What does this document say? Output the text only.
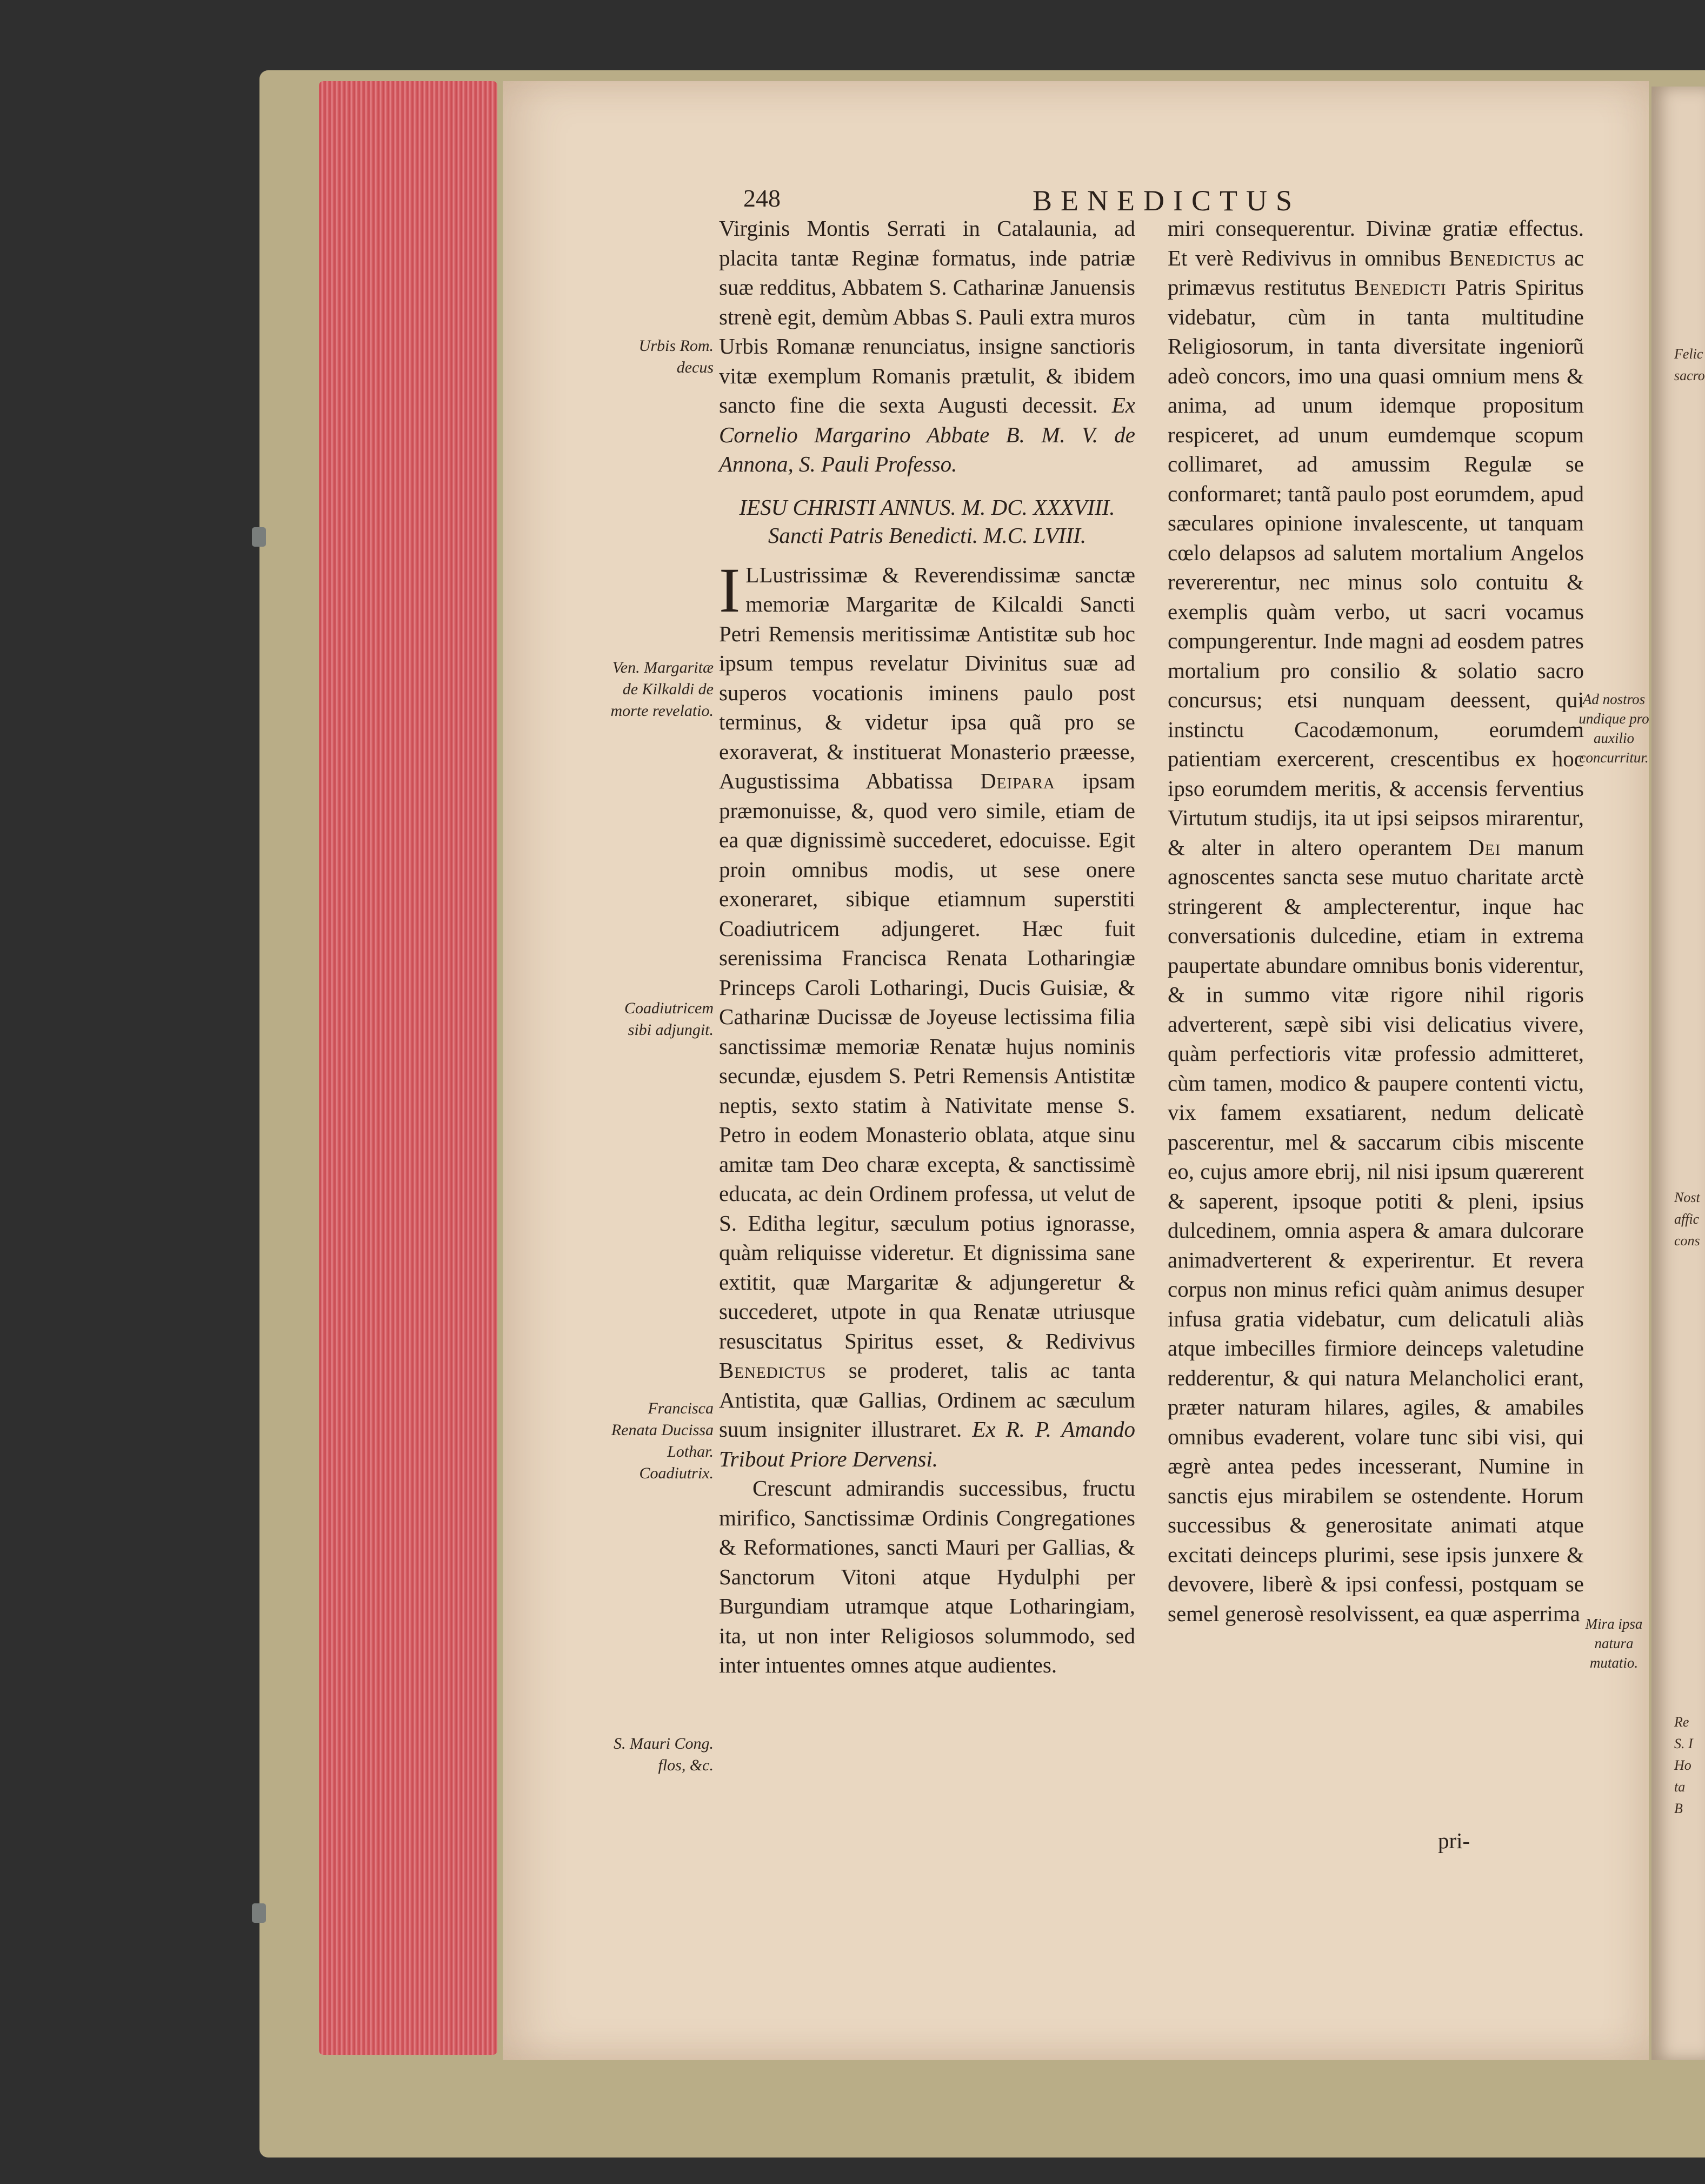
Felic
sacro
Nost
affic
cons
Re
S. I
Ho
ta
B
248	BENEDICTUS

Virginis Montis Serrati in Catalaunia, ad placita tantæ Reginæ formatus, inde patriæ suæ redditus, Abbatem S. Catharinæ Januensis strenè egit, demùm Abbas S. Pauli extra muros Urbis Romanæ renunciatus, insigne sanctioris vitæ exemplum Romanis prætulit, & ibidem sancto fine die sexta Augusti decessit. Ex Cornelio Margarino Abbate B. M. V. de Annona, S. Pauli Professo.

IESU CHRISTI ANNUS. M. DC. XXXVIII.
Sancti Patris Benedicti. M.C. LVIII.

I LLustrissimæ & Reverendissimæ sanctæ memoriæ Margaritæ de Kilcaldi Sancti Petri Remensis meritissimæ Antistitæ sub hoc ipsum tempus revelatur Divinitus suæ ad superos vocationis iminens paulo post terminus, & videtur ipsa quã pro se exoraverat, & instituerat Monasterio præesse, Augustissima Abbatissa Deipara ipsam præmonuisse, &, quod vero simile, etiam de ea quæ dignissimè succederet, edocuisse. Egit proin omnibus modis, ut sese onere exoneraret, sibique etiamnum superstiti Coadiutricem adjungeret. Hæc fuit serenissima Francisca Renata Lotharingiæ Princeps Caroli Lotharingi, Ducis Guisiæ, & Catharinæ Ducissæ de Joyeuse lectissima filia sanctissimæ memoriæ Renatæ hujus nominis secundæ, ejusdem S. Petri Remensis Antistitæ neptis, sexto statim à Nativitate mense S. Petro in eodem Monasterio oblata, atque sinu amitæ tam Deo charæ excepta, & sanctissimè educata, ac dein Ordinem professa, ut velut de S. Editha legitur, sæculum potius ignorasse, quàm reliquisse videretur. Et dignissima sane extitit, quæ Margaritæ & adjungeretur & succederet, utpote in qua Renatæ utriusque resuscitatus Spiritus esset, & Redivivus Benedictus se proderet, talis ac tanta Antistita, quæ Gallias, Ordinem ac sæculum suum insigniter illustraret. Ex R. P. Amando Tribout Priore Dervensi.

Crescunt admirandis successibus, fructu mirifico, Sanctissimæ Ordinis Congregationes & Reformationes, sancti Mauri per Gallias, & Sanctorum Vitoni atque Hydulphi per Burgundiam utramque atque Lotharingiam, ita, ut non inter Religiosos solummodo, sed inter intuentes omnes atque audientes.

miri consequerentur. Divinæ gratiæ effectus. Et verè Redivivus in omnibus Benedictus ac primævus restitutus Benedicti Patris Spiritus videbatur, cùm in tanta multitudine Religiosorum, in tanta diversitate ingeniorũ adeò concors, imo una quasi omnium mens & anima, ad unum idemque propositum respiceret, ad unum eumdemque scopum collimaret, ad amussim Regulæ se conformaret; tantã paulo post eorumdem, apud sæculares opinione invalescente, ut tanquam cœlo delapsos ad salutem mortalium Angelos revererentur, nec minus solo contuitu & exemplis quàm verbo, ut sacri vocamus compungerentur. Inde magni ad eosdem patres mortalium pro consilio & solatio sacro concursus; etsi nunquam deessent, qui instinctu Cacodæmonum, eorumdem patientiam exercerent, crescentibus ex hoc ipso eorumdem meritis, & accensis ferventius Virtutum studijs, ita ut ipsi seipsos mirarentur, & alter in altero operantem Dei manum agnoscentes sancta sese mutuo charitate arctè stringerent & amplecterentur, inque hac conversationis dulcedine, etiam in extrema paupertate abundare omnibus bonis viderentur, & in summo vitæ rigore nihil rigoris adverterent, sæpè sibi visi delicatius vivere, quàm perfectioris vitæ professio admitteret, cùm tamen, modico & paupere contenti victu, vix famem exsatiarent, nedum delicatè pascerentur, mel & saccarum cibis miscente eo, cujus amore ebrij, nil nisi ipsum quærerent & saperent, ipsoque potiti & pleni, ipsius dulcedinem, omnia aspera & amara dulcorare animadverterent & experirentur. Et revera corpus non minus refici quàm animus desuper infusa gratia videbatur, cum delicatuli aliàs atque imbecilles firmiore deinceps valetudine redderentur, & qui natura Melancholici erant, præter naturam hilares, agiles, & amabiles omnibus evaderent, volare tunc sibi visi, qui ægrè antea pedes incesserant, Numine in sanctis ejus mirabilem se ostendente. Horum successibus & generositate animati atque excitati deinceps plurimi, sese ipsis junxere & devovere, liberè & ipsi confessi, postquam se semel generosè resolvissent, ea quæ asperrima

Urbis Rom. decus
Ven. Margaritæ de Kilkaldi de morte revelatio.
Coadiutricem sibi adjungit.
Francisca Renata Ducissa Lothar. Coadiutrix.
S. Mauri Cong. flos, &c.
Ad nostros undique pro auxilio concurritur.
Mira ipsa natura mutatio.
pri-
